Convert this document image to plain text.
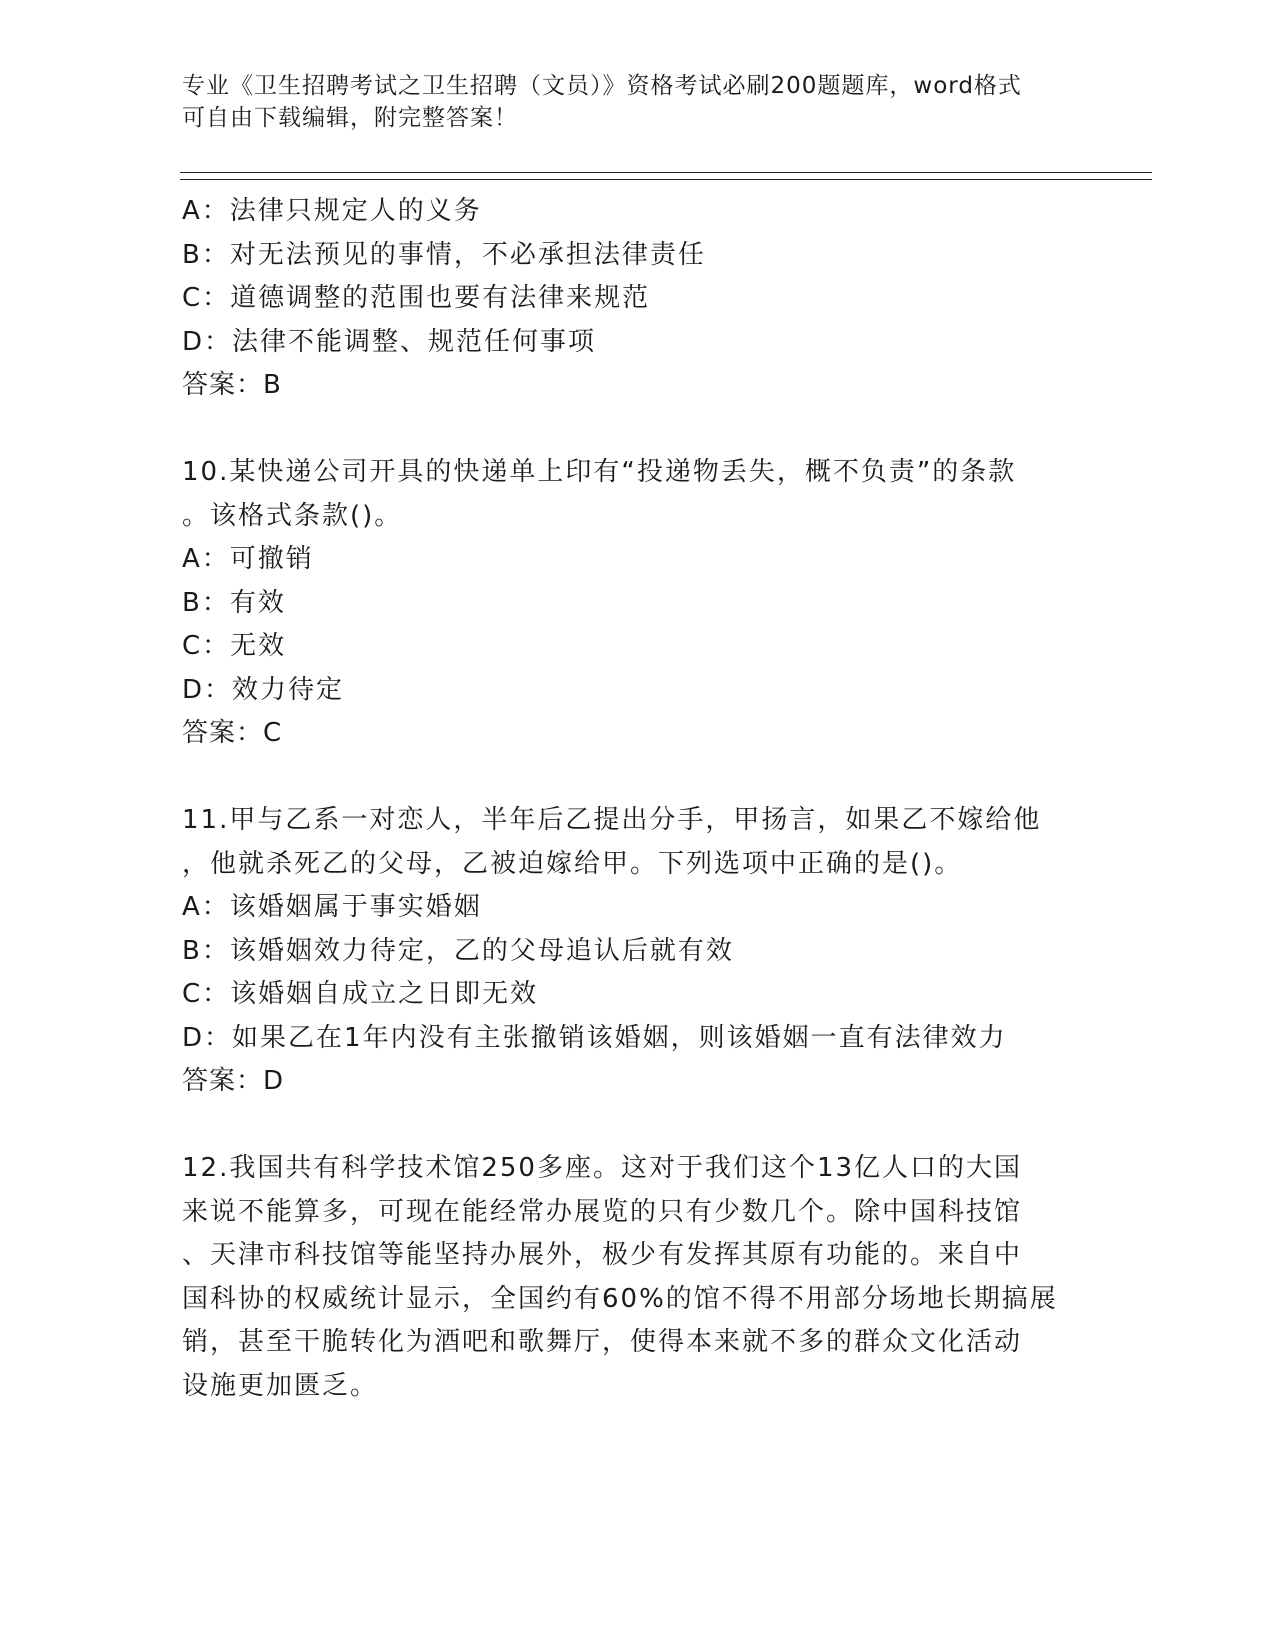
专业《卫生招聘考试之卫生招聘（文员）》资格考试必刷200题题库，word格式
可自由下载编辑，附完整答案！
A：法律只规定人的义务
B：对无法预见的事情，不必承担法律责任
C：道德调整的范围也要有法律来规范
D：法律不能调整、规范任何事项
答案：B
10.某快递公司开具的快递单上印有“投递物丢失，概不负责”的条款
。该格式条款()。
A：可撤销
B：有效
C：无效
D：效力待定
答案：C
11.甲与乙系一对恋人，半年后乙提出分手，甲扬言，如果乙不嫁给他
，他就杀死乙的父母，乙被迫嫁给甲。下列选项中正确的是()。
A：该婚姻属于事实婚姻
B：该婚姻效力待定，乙的父母追认后就有效
C：该婚姻自成立之日即无效
D：如果乙在1年内没有主张撤销该婚姻，则该婚姻一直有法律效力
答案：D
12.我国共有科学技术馆250多座。这对于我们这个13亿人口的大国
来说不能算多，可现在能经常办展览的只有少数几个。除中国科技馆
、天津市科技馆等能坚持办展外，极少有发挥其原有功能的。来自中
国科协的权威统计显示，全国约有60%的馆不得不用部分场地长期搞展
销，甚至干脆转化为酒吧和歌舞厅，使得本来就不多的群众文化活动
设施更加匮乏。
